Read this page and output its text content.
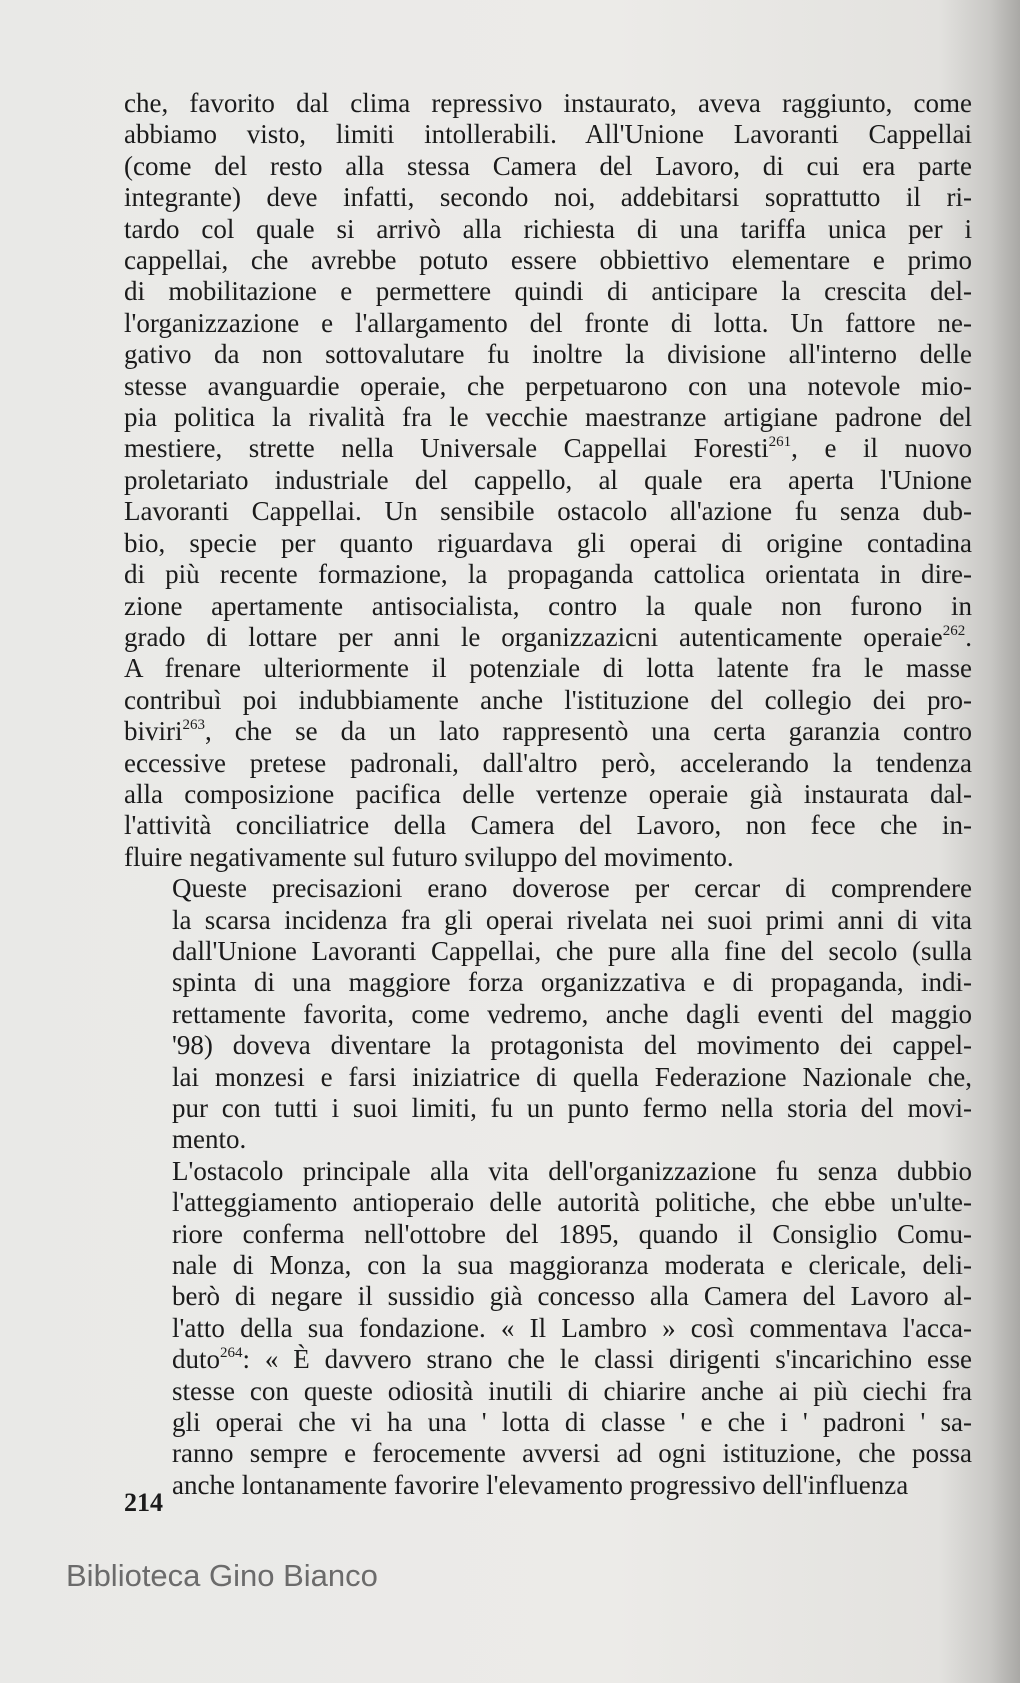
che, favorito dal clima repressivo instaurato, aveva raggiunto, come
abbiamo visto, limiti intollerabili. All'Unione Lavoranti Cappellai
(come del resto alla stessa Camera del Lavoro, di cui era parte
integrante) deve infatti, secondo noi, addebitarsi soprattutto il ri-
tardo col quale si arrivò alla richiesta di una tariffa unica per i
cappellai, che avrebbe potuto essere obbiettivo elementare e primo
di mobilitazione e permettere quindi di anticipare la crescita del-
l'organizzazione e l'allargamento del fronte di lotta. Un fattore ne-
gativo da non sottovalutare fu inoltre la divisione all'interno delle
stesse avanguardie operaie, che perpetuarono con una notevole mio-
pia politica la rivalità fra le vecchie maestranze artigiane padrone del
mestiere, strette nella Universale Cappellai Foresti$^{261}$, e il nuovo
proletariato industriale del cappello, al quale era aperta l'Unione
Lavoranti Cappellai. Un sensibile ostacolo all'azione fu senza dub-
bio, specie per quanto riguardava gli operai di origine contadina
di più recente formazione, la propaganda cattolica orientata in dire-
zione apertamente antisocialista, contro la quale non furono in
grado di lottare per anni le organizzazicni autenticamente operaie$^{262}$.
A frenare ulteriormente il potenziale di lotta latente fra le masse
contribuì poi indubbiamente anche l'istituzione del collegio dei pro-
biviri$^{263}$, che se da un lato rappresentò una certa garanzia contro
eccessive pretese padronali, dall'altro però, accelerando la tendenza
alla composizione pacifica delle vertenze operaie già instaurata dal-
l'attività conciliatrice della Camera del Lavoro, non fece che in-
fluire negativamente sul futuro sviluppo del movimento.
Queste precisazioni erano doverose per cercar di comprendere
la scarsa incidenza fra gli operai rivelata nei suoi primi anni di vita
dall'Unione Lavoranti Cappellai, che pure alla fine del secolo (sulla
spinta di una maggiore forza organizzativa e di propaganda, indi-
rettamente favorita, come vedremo, anche dagli eventi del maggio
'98) doveva diventare la protagonista del movimento dei cappel-
lai monzesi e farsi iniziatrice di quella Federazione Nazionale che,
pur con tutti i suoi limiti, fu un punto fermo nella storia del movi-
mento.
L'ostacolo principale alla vita dell'organizzazione fu senza dubbio
l'atteggiamento antioperaio delle autorità politiche, che ebbe un'ulte-
riore conferma nell'ottobre del 1895, quando il Consiglio Comu-
nale di Monza, con la sua maggioranza moderata e clericale, deli-
berò di negare il sussidio già concesso alla Camera del Lavoro al-
l'atto della sua fondazione. « Il Lambro » così commentava l'acca-
duto$^{264}$: « È davvero strano che le classi dirigenti s'incarichino esse
stesse con queste odiosità inutili di chiarire anche ai più ciechi fra
gli operai che vi ha una ' lotta di classe ' e che i ' padroni ' sa-
ranno sempre e ferocemente avversi ad ogni istituzione, che possa
anche lontanamente favorire l'elevamento progressivo dell'influenza
214
Biblioteca Gino Bianco
